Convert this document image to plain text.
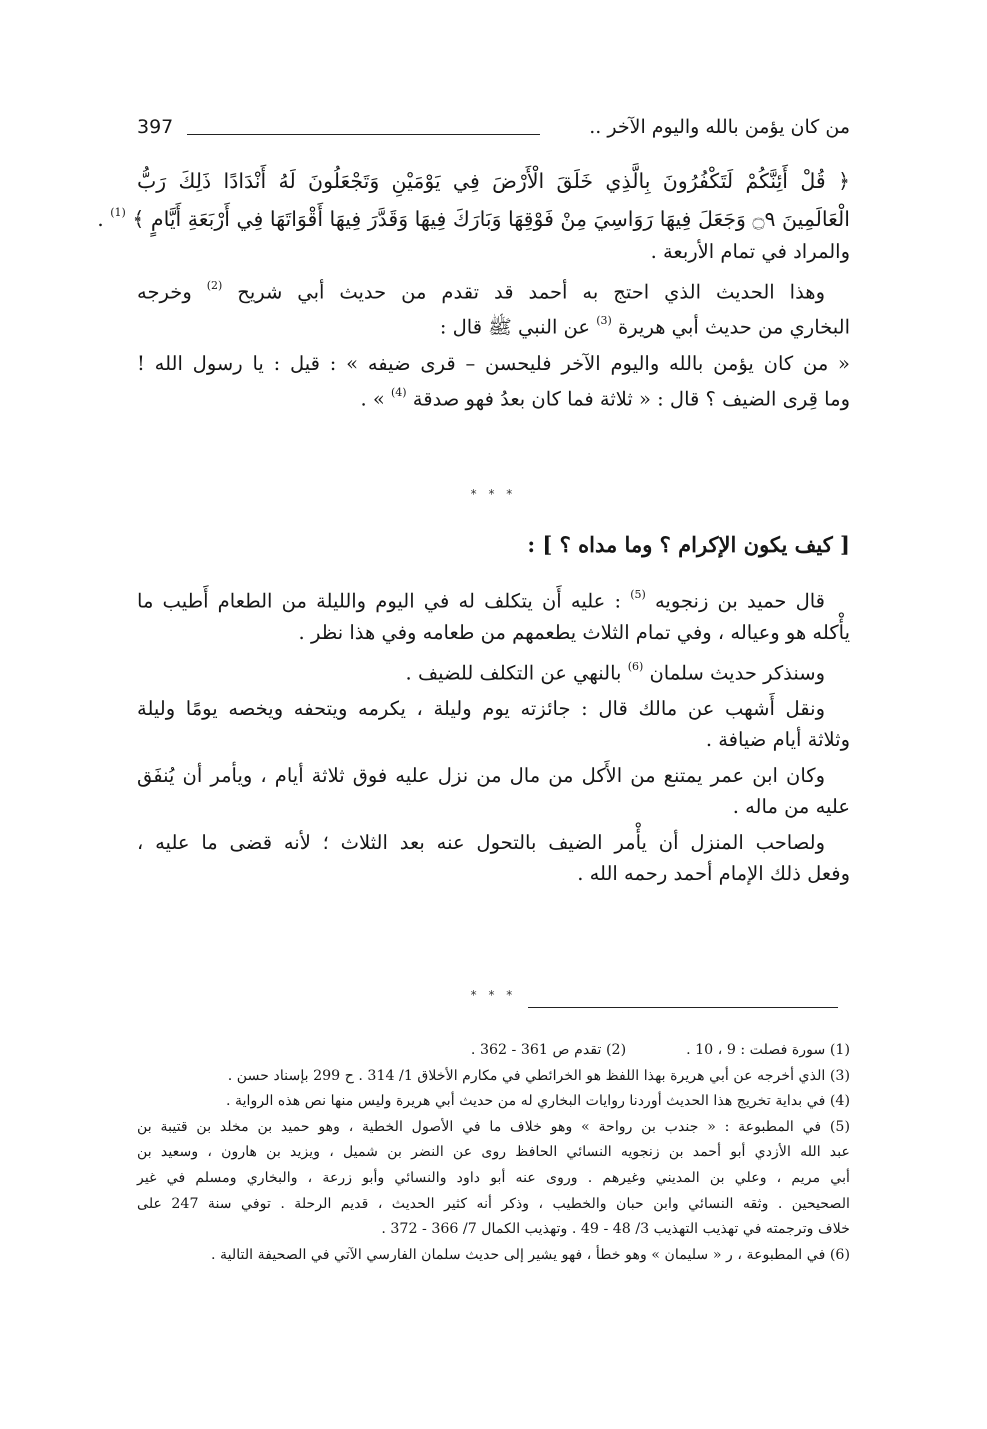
397	من كان يؤمن بالله واليوم الآخر ..
﴿ قُلْ أَئِنَّكُمْ لَتَكْفُرُونَ بِالَّذِي خَلَقَ الْأَرْضَ فِي يَوْمَيْنِ وَتَجْعَلُونَ لَهُ أَنْدَادًا ذَلِكَ رَبُّ
الْعَالَمِينَ ۝٩ وَجَعَلَ فِيهَا رَوَاسِيَ مِنْ فَوْقِهَا وَبَارَكَ فِيهَا وَقَدَّرَ فِيهَا أَقْوَاتَهَا فِي أَرْبَعَةِ أَيَّامٍ ﴾ $^{(1)}$ .
والمراد في تمام الأربعة .
وهذا الحديث الذي احتج به أحمد قد تقدم من حديث أبي شريح $^{(2)}$ وخرجه
البخاري من حديث أبي هريرة $^{(3)}$ عن النبي ﷺ قال :
« من كان يؤمن بالله واليوم الآخر فليحسن – قرى ضيفه » : قيل : يا رسول الله !
وما قِرى الضيف ؟ قال : « ثلاثة فما كان بعدُ فهو صدقة $^{(4)}$ » .
* * *
[ كيف يكون الإكرام ؟ وما مداه ؟ ] :
قال حميد بن زنجويه $^{(5)}$ : عليه أَن يتكلف له في اليوم والليلة من الطعام أَطيب ما
يأْكله هو وعياله ، وفي تمام الثلاث يطعمهم من طعامه وفي هذا نظر .
وسنذكر حديث سلمان $^{(6)}$ بالنهي عن التكلف للضيف .
ونقل أَشهب عن مالك قال : جائزته يوم وليلة ، يكرمه ويتحفه ويخصه يومًا وليلة
وثلاثة أيام ضيافة .
وكان ابن عمر يمتنع من الأَكل من مال من نزل عليه فوق ثلاثة أيام ، ويأمر أن يُنفَق
عليه من ماله .
ولصاحب المنزل أن يأْمر الضيف بالتحول عنه بعد الثلاث ؛ لأنه قضى ما عليه ،
وفعل ذلك الإمام أحمد رحمه الله .
* * *
(1) سورة فصلت : 9 ، 10 .(2) تقدم ص 361 - 362 .
(3) الذي أخرجه عن أبي هريرة بهذا اللفظ هو الخرائطي في مكارم الأخلاق 1/ 314 . ح 299 بإسناد حسن .
(4) في بداية تخريج هذا الحديث أوردنا روايات البخاري له من حديث أبي هريرة وليس منها نص هذه الرواية .
(5) في المطبوعة : « جندب بن رواحة » وهو خلاف ما في الأصول الخطية ، وهو حميد بن مخلد بن قتيبة بن
عبد الله الأزدي أبو أحمد بن زنجويه النسائي الحافظ روى عن النضر بن شميل ، ويزيد بن هارون ، وسعيد بن
أبي مريم ، وعلي بن المديني وغيرهم . وروى عنه أبو داود والنسائي وأبو زرعة ، والبخاري ومسلم في غير
الصحيحين . وثقه النسائي وابن حبان والخطيب ، وذكر أنه كثير الحديث ، قديم الرحلة . توفي سنة 247 على
خلاف وترجمته في تهذيب التهذيب 3/ 48 - 49 . وتهذيب الكمال 7/ 366 - 372 .
(6) في المطبوعة ، ر « سليمان » وهو خطأ ، فهو يشير إلى حديث سلمان الفارسي الآتي في الصحيفة التالية .
